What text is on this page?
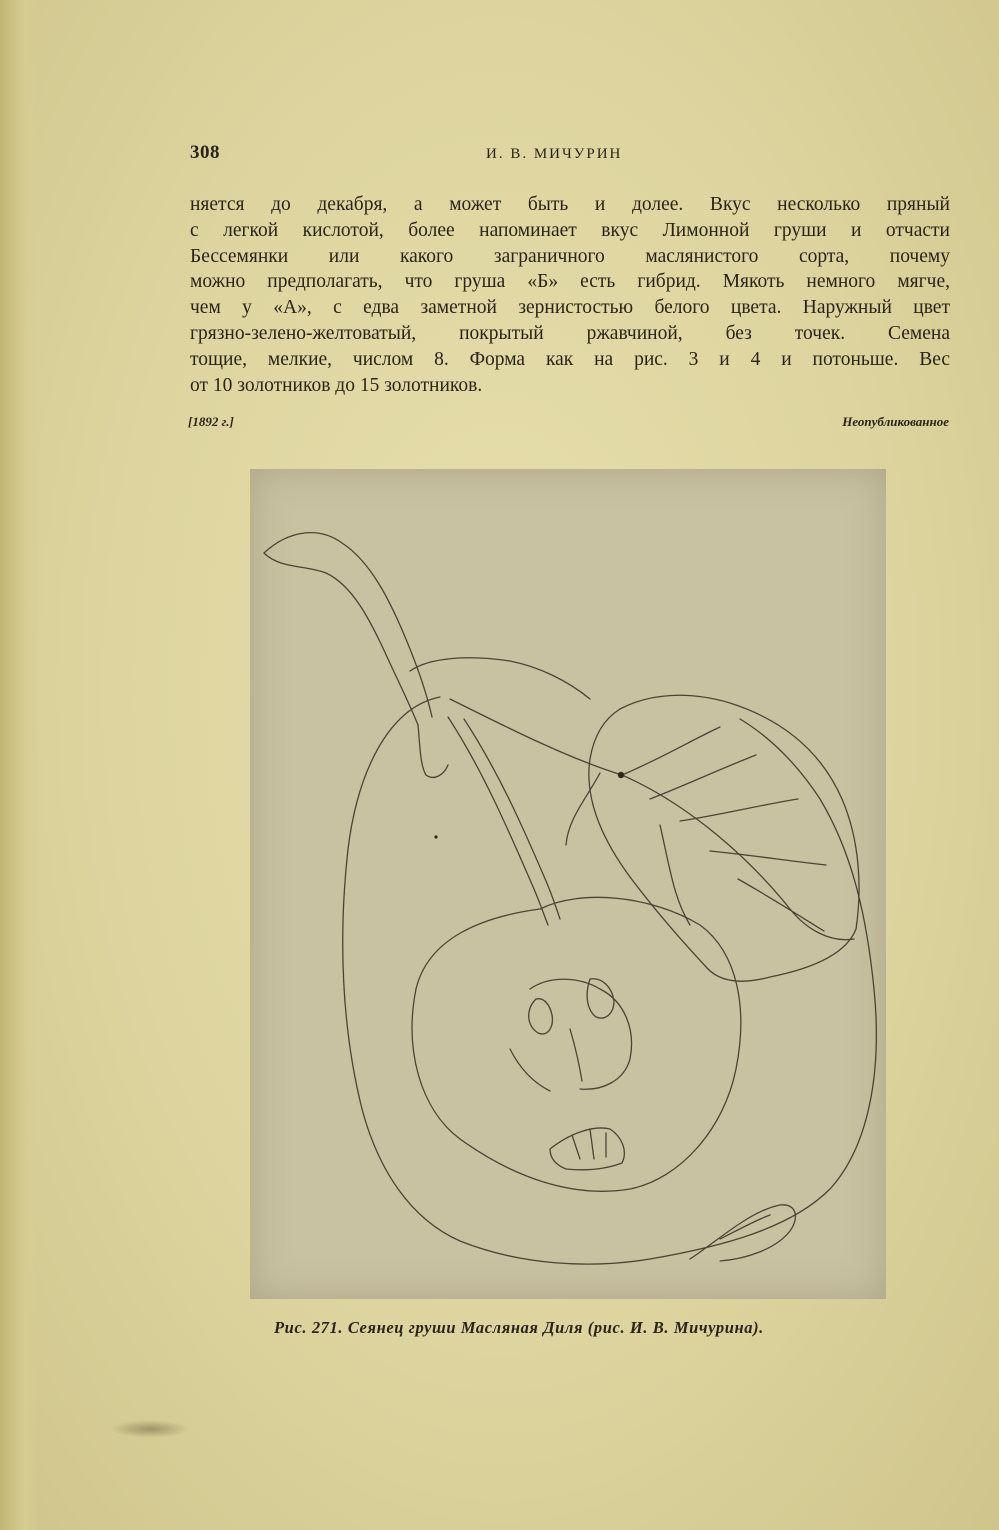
308	И. В. МИЧУРИН
няется до декабря, а может быть и долее. Вкус несколько пряный
с легкой кислотой, более напоминает вкус Лимонной груши и отчасти
Бессемянки или какого заграничного маслянистого сорта, почему
можно предполагать, что груша «Б» есть гибрид. Мякоть немного мягче,
чем у «А», с едва заметной зернистостью белого цвета. Наружный цвет
грязно-зелено-желтоватый, покрытый ржавчиной, без точек. Семена
тощие, мелкие, числом 8. Форма как на рис. 3 и 4 и потоньше. Вес
от 10 золотников до 15 золотников.
[1892 г.]	Неопубликованное
Рис. 271. Сеянец груши Масляная Диля (рис. И. В. Мичурина).
